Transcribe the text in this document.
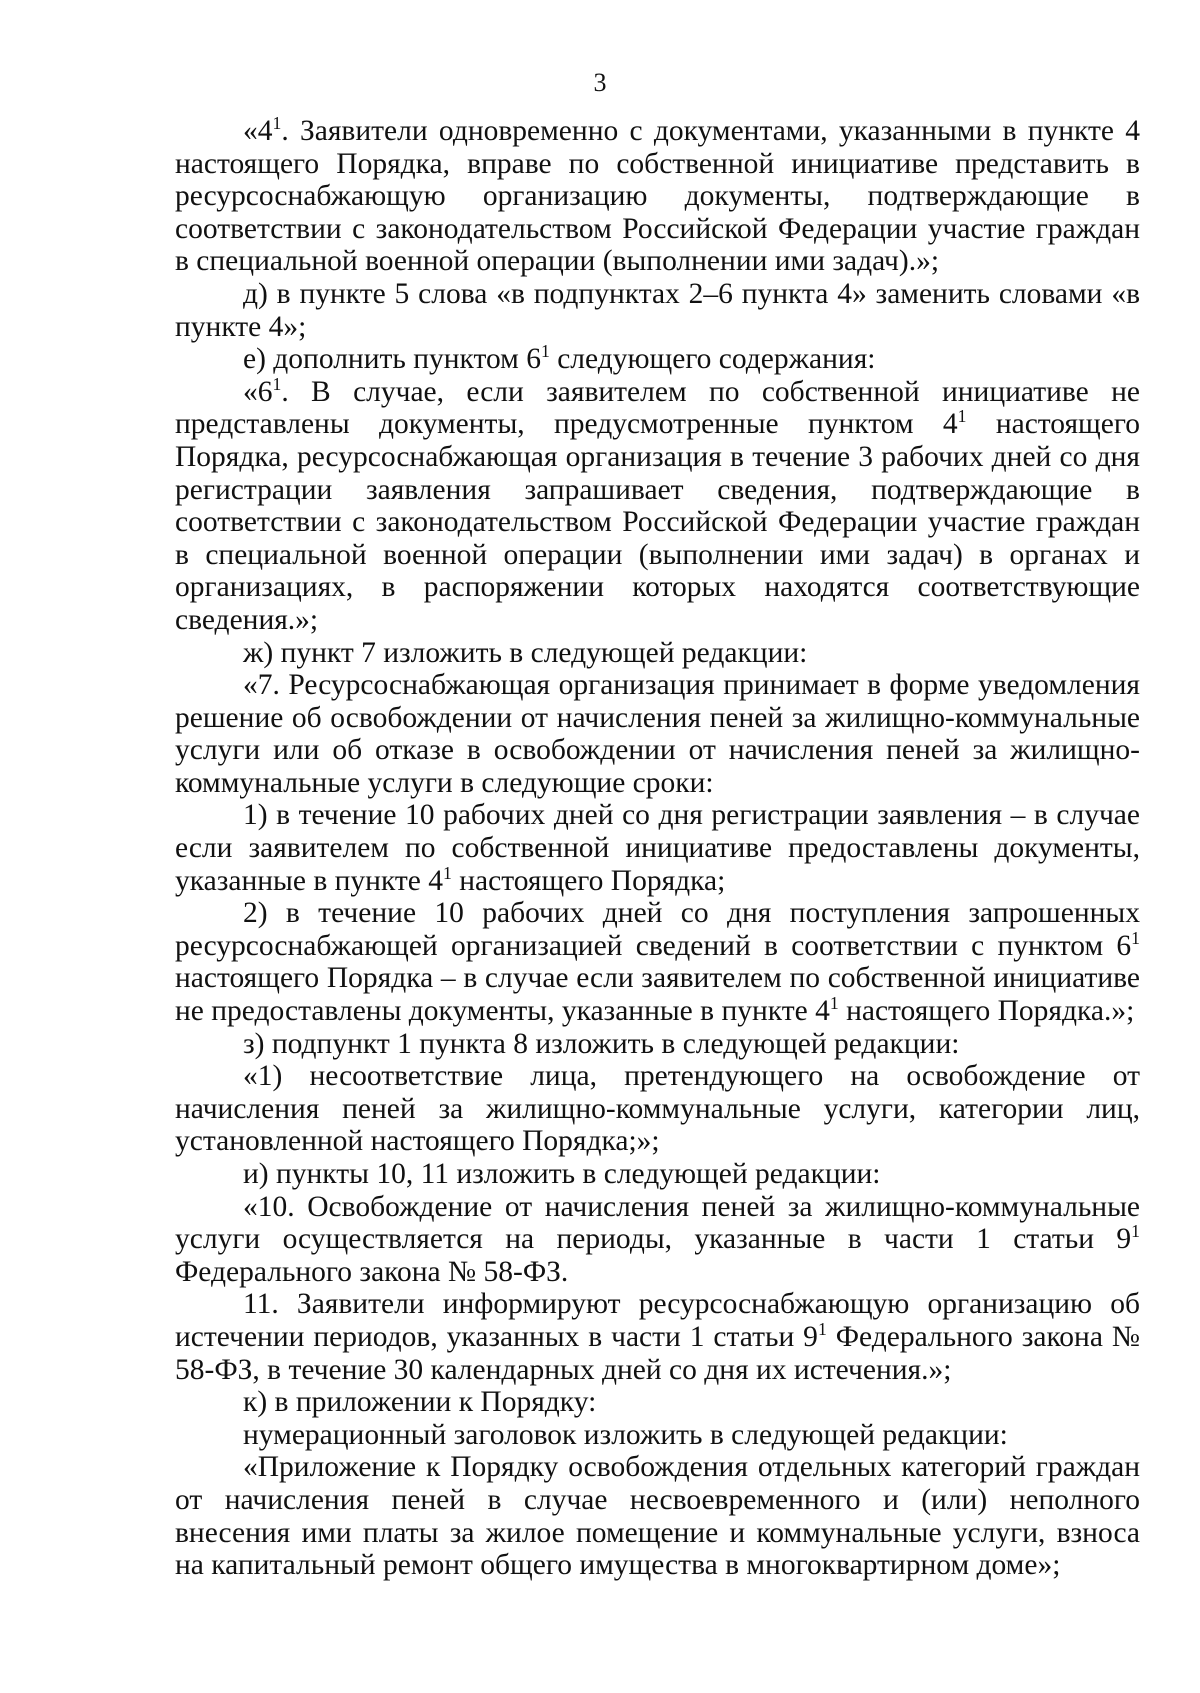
3

«$4^1$. Заявители одновременно с документами, указанными в пункте 4 настоящего Порядка, вправе по собственной инициативе представить в ресурсоснабжающую организацию документы, подтверждающие в соответствии с законодательством Российской Федерации участие граждан в специальной военной операции (выполнении ими задач).»;

д) в пункте 5 слова «в подпунктах 2–6 пункта 4» заменить словами «в пункте 4»;

е) дополнить пунктом $6^1$ следующего содержания:

«$6^1$. В случае, если заявителем по собственной инициативе не представлены документы, предусмотренные пунктом $4^1$ настоящего Порядка, ресурсоснабжающая организация в течение 3 рабочих дней со дня регистрации заявления запрашивает сведения, подтверждающие в соответствии с законодательством Российской Федерации участие граждан в специальной военной операции (выполнении ими задач) в органах и организациях, в распоряжении которых находятся соответствующие сведения.»;

ж) пункт 7 изложить в следующей редакции:

«7. Ресурсоснабжающая организация принимает в форме уведомления решение об освобождении от начисления пеней за жилищно-коммунальные услуги или об отказе в освобождении от начисления пеней за жилищно-коммунальные услуги в следующие сроки:

1) в течение 10 рабочих дней со дня регистрации заявления – в случае если заявителем по собственной инициативе предоставлены документы, указанные в пункте $4^1$ настоящего Порядка;

2) в течение 10 рабочих дней со дня поступления запрошенных ресурсоснабжающей организацией сведений в соответствии с пунктом $6^1$ настоящего Порядка – в случае если заявителем по собственной инициативе не предоставлены документы, указанные в пункте $4^1$ настоящего Порядка.»;

з) подпункт 1 пункта 8 изложить в следующей редакции:

«1) несоответствие лица, претендующего на освобождение от начисления пеней за жилищно-коммунальные услуги, категории лиц, установленной настоящего Порядка;»;

и) пункты 10, 11 изложить в следующей редакции:

«10. Освобождение от начисления пеней за жилищно-коммунальные услуги осуществляется на периоды, указанные в части 1 статьи $9^1$ Федерального закона № 58-ФЗ.

11. Заявители информируют ресурсоснабжающую организацию об истечении периодов, указанных в части 1 статьи $9^1$ Федерального закона № 58-ФЗ, в течение 30 календарных дней со дня их истечения.»;

к) в приложении к Порядку:

нумерационный заголовок изложить в следующей редакции:

«Приложение к Порядку освобождения отдельных категорий граждан от начисления пеней в случае несвоевременного и (или) неполного внесения ими платы за жилое помещение и коммунальные услуги, взноса на капитальный ремонт общего имущества в многоквартирном доме»;
